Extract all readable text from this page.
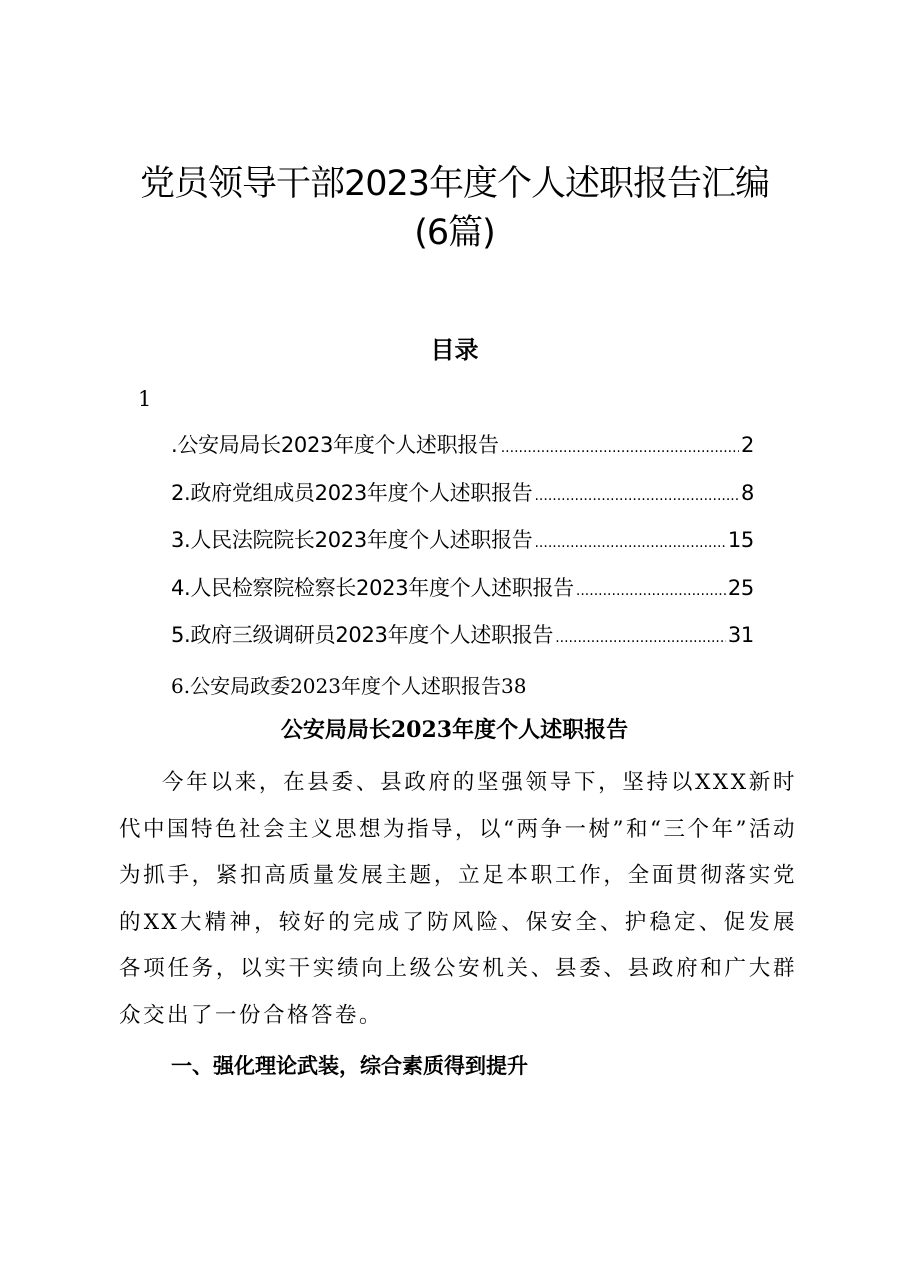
党员领导干部2023年度个人述职报告汇编
(6篇)
目录
1
.公安局局长2023年度个人述职报告 .....	2
2.政府党组成员2023年度个人述职报告 .....	8
3.人民法院院长2023年度个人述职报告 .....	15
4.人民检察院检察长2023年度个人述职报告 .....	25
5.政府三级调研员2023年度个人述职报告 .....	31
6.公安局政委2023年度个人述职报告38
公安局局长2023年度个人述职报告

今年以来，在县委、县政府的坚强领导下，坚持以XXX新时代中国特色社会主义思想为指导，以“两争一树”和“三个年”活动为抓手，紧扣高质量发展主题，立足本职工作，全面贯彻落实党的XX大精神，较好的完成了防风险、保安全、护稳定、促发展各项任务，以实干实绩向上级公安机关、县委、县政府和广大群众交出了一份合格答卷。

一、强化理论武装，综合素质得到提升
